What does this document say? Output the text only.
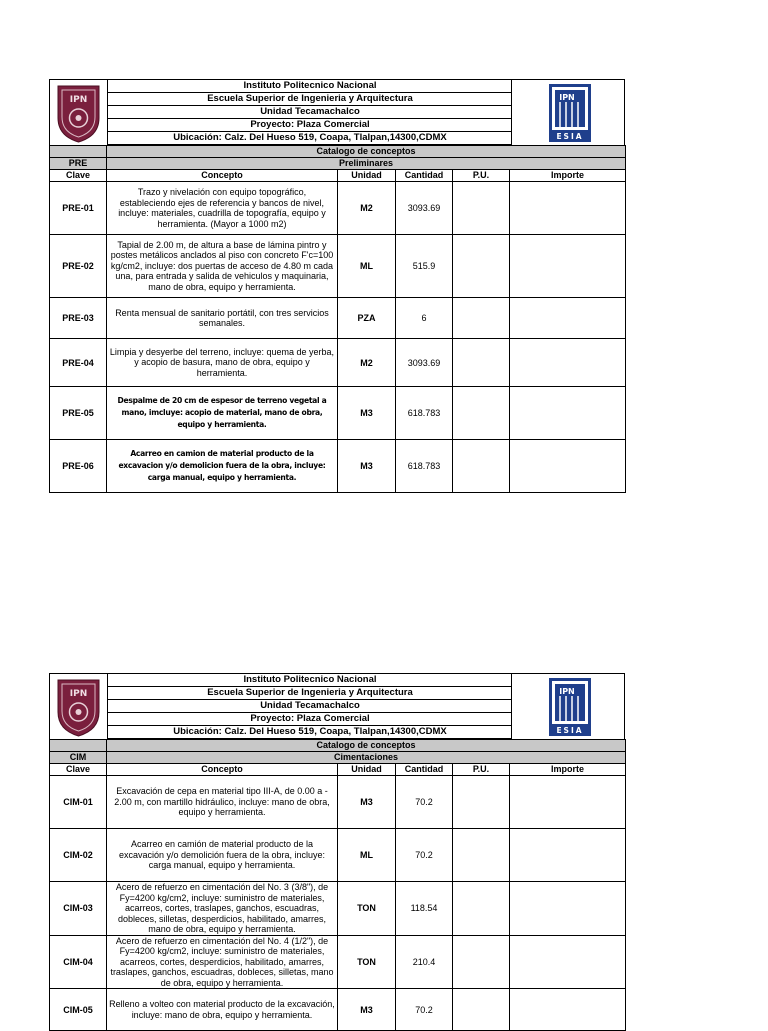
IPN
Instituto Politecnico Nacional
Escuela Superior de Ingenieria y Arquitectura
Unidad Tecamachalco
Proyecto: Plaza Comercial
Ubicación: Calz. Del Hueso 519, Coapa, Tlalpan,14300,CDMX
IPN
ESIA
	Catalogo de conceptos				
PRE	Preliminares				
Clave	Concepto	Unidad	Cantidad	P.U.	Importe
PRE-01	Trazo y nivelación con equipo topográfico, estableciendo ejes de referencia y bancos de nivel, incluye: materiales, cuadrilla de topografía, equipo y herramienta. (Mayor a 1000 m2)	M2	3093.69		
PRE-02	Tapial de 2.00 m, de altura a base de lámina pintro y postes metálicos anclados al piso con concreto F'c=100 kg/cm2, incluye: dos puertas de acceso de 4.80 m cada una, para entrada y salida de vehiculos y maquinaria, mano de obra, equipo y herramienta.	ML	515.9		
PRE-03	Renta mensual de sanitario portátil, con tres servicios semanales.	PZA	6		
PRE-04	Limpia y desyerbe del terreno, incluye: quema de yerba, y acopio de basura, mano de obra, equipo y herramienta.	M2	3093.69		
PRE-05	Despalme de 20 cm de espesor de terreno vegetal a mano, imcluye: acopio de material, mano de obra, equipo y herramienta.	M3	618.783		
PRE-06	Acarreo en camion de material producto de la excavacion y/o demolicion fuera de la obra, incluye: carga manual, equipo y herramienta.	M3	618.783		
IPN
Instituto Politecnico Nacional
Escuela Superior de Ingenieria y Arquitectura
Unidad Tecamachalco
Proyecto: Plaza Comercial
Ubicación: Calz. Del Hueso 519, Coapa, Tlalpan,14300,CDMX
IPN
ESIA
	Catalogo de conceptos				
CIM	Cimentaciones				
Clave	Concepto	Unidad	Cantidad	P.U.	Importe
CIM-01	Excavación de cepa en material tipo III-A, de 0.00 a - 2.00 m, con martillo hidráulico, incluye: mano de obra, equipo y herramienta.	M3	70.2		
CIM-02	Acarreo en camión de material producto de la excavación y/o demolición fuera de la obra, incluye: carga manual, equipo y herramienta.	ML	70.2		
CIM-03	Acero de refuerzo en cimentación del No. 3 (3/8"), de Fy=4200 kg/cm2, incluye: suministro de materiales, acarreos, cortes, traslapes, ganchos, escuadras, dobleces, silletas, desperdicios, habilitado, amarres, mano de obra, equipo y herramienta.	TON	118.54		
CIM-04	Acero de refuerzo en cimentación del No. 4 (1/2"), de Fy=4200 kg/cm2, incluye: suministro de materiales, acarreos, cortes, desperdicios, habilitado, amarres, traslapes, ganchos, escuadras, dobleces, silletas, mano de obra, equipo y herramienta.	TON	210.4		
CIM-05	Relleno a volteo con material producto de la excavación, incluye: mano de obra, equipo y herramienta.	M3	70.2		
